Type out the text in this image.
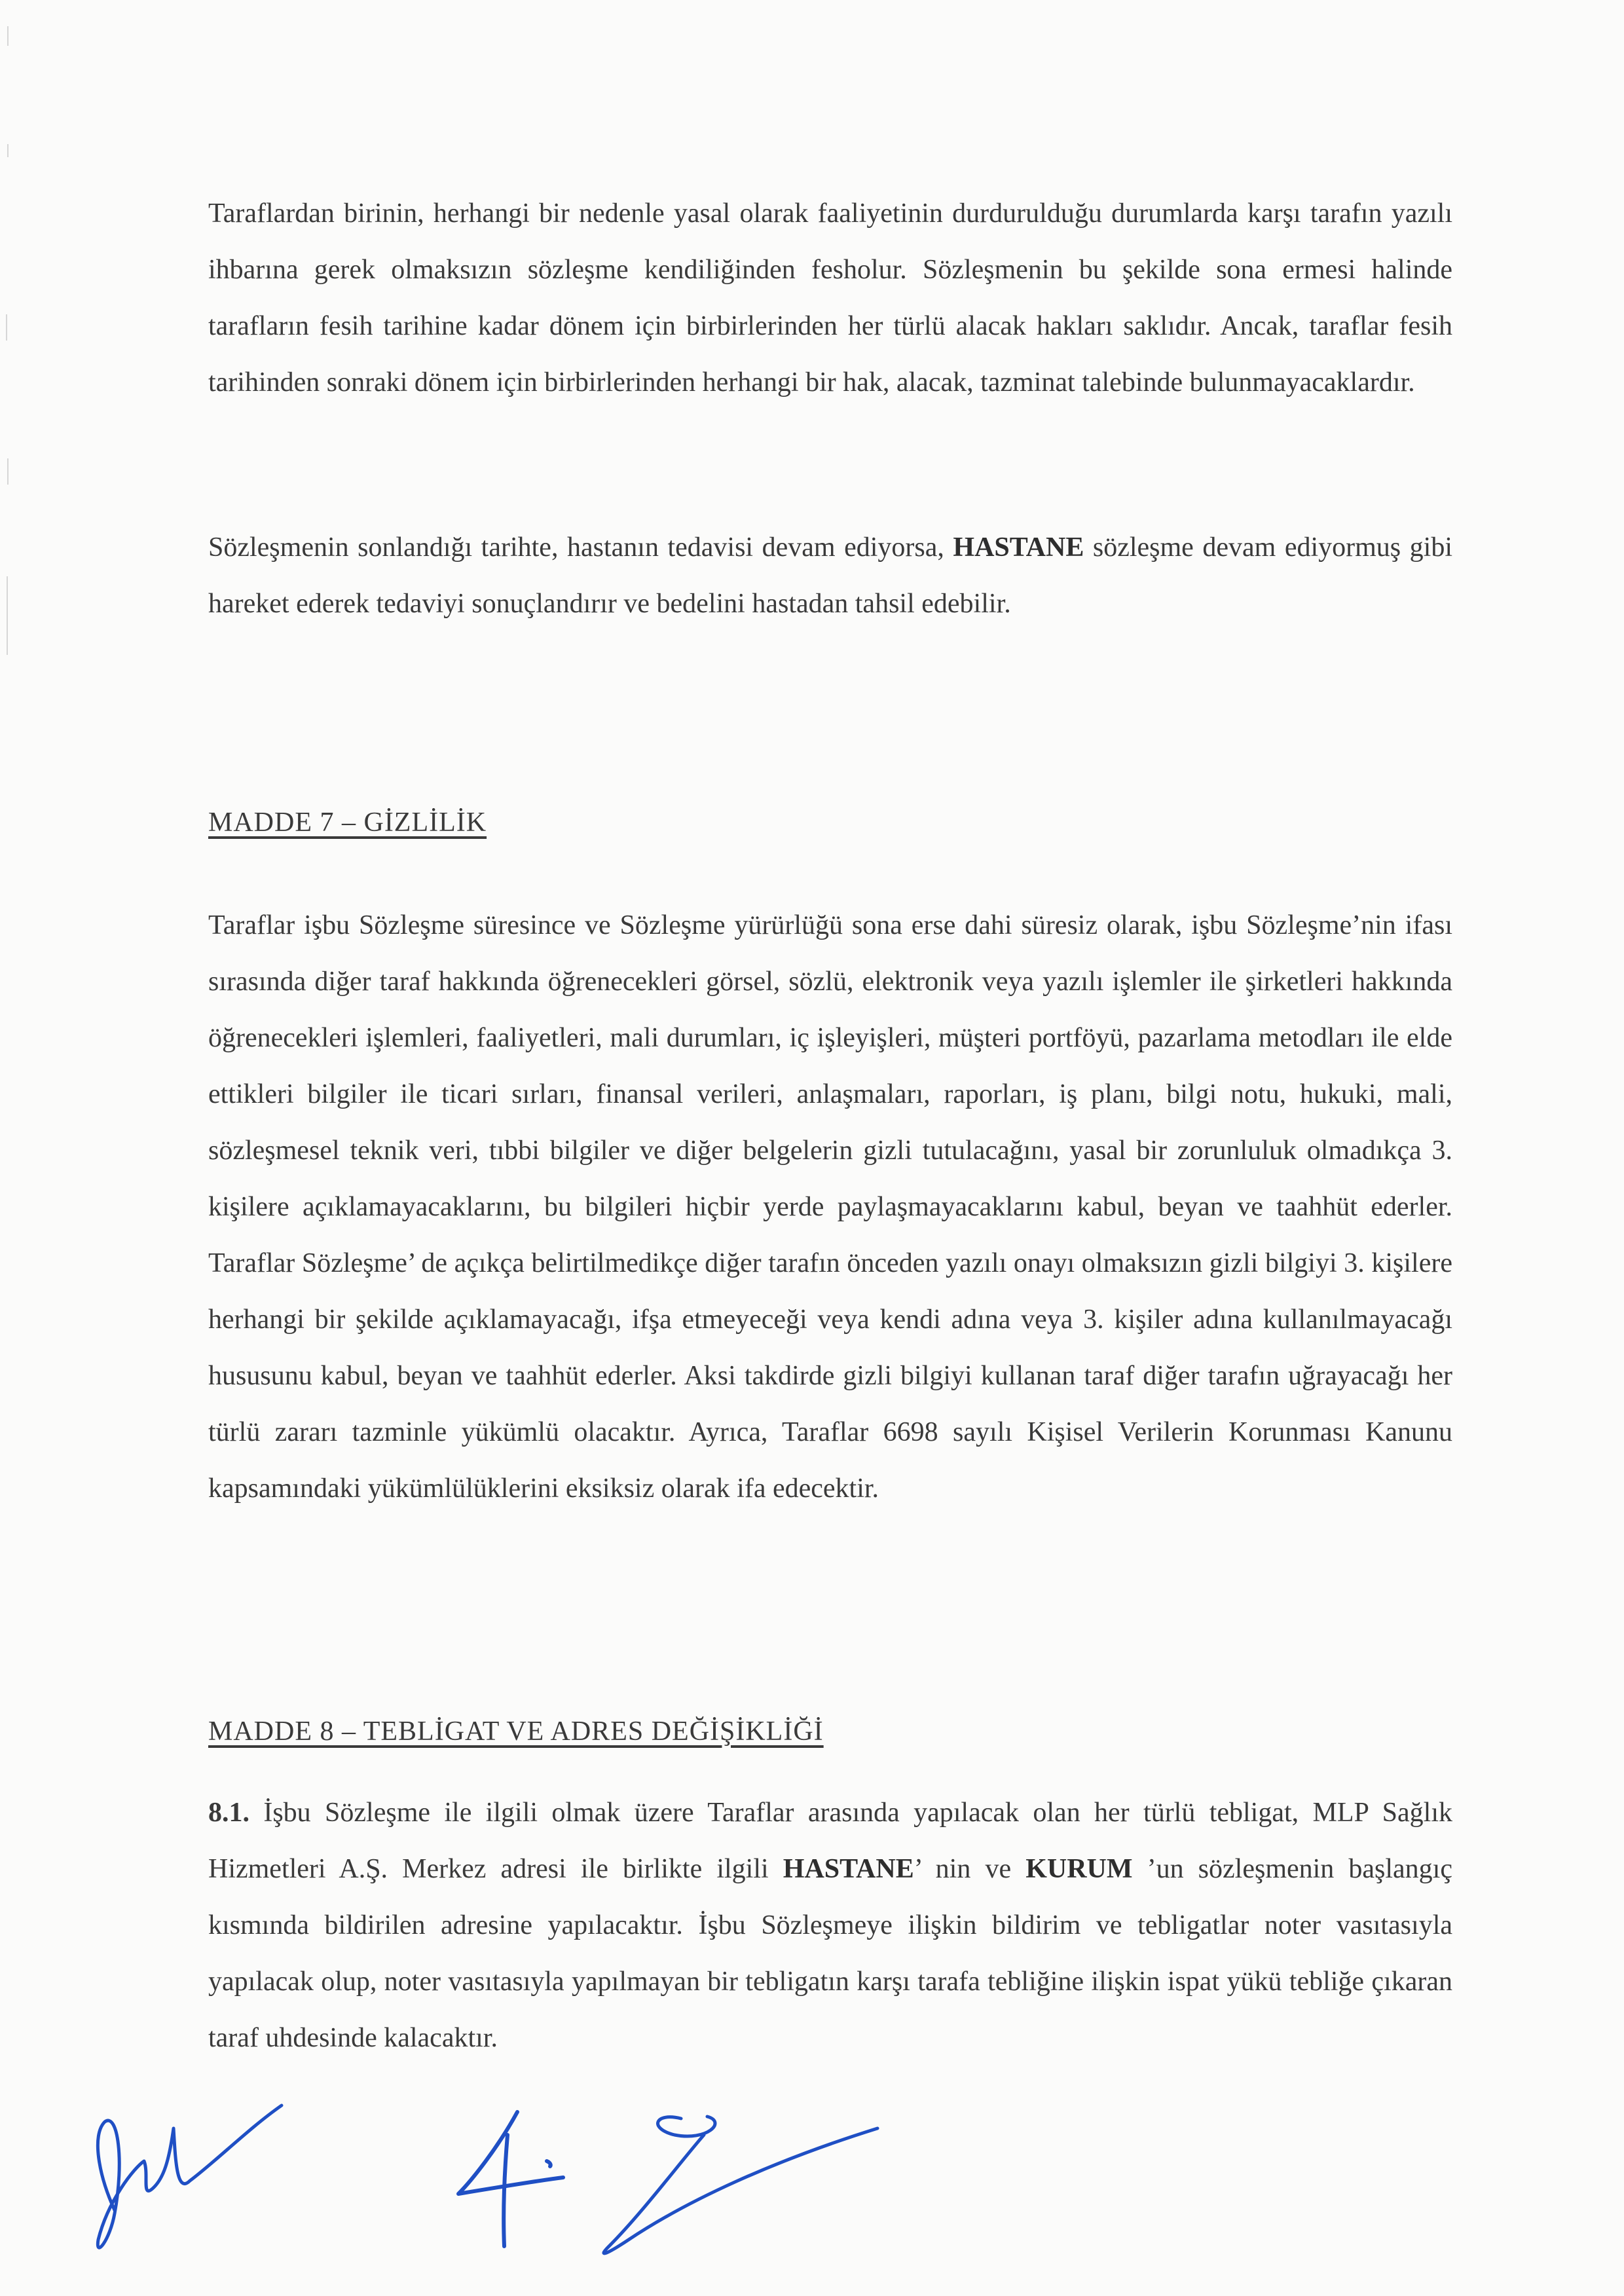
Taraflardan birinin, herhangi bir nedenle yasal olarak faaliyetinin durdurulduğu durumlarda karşı tarafın yazılı ihbarına gerek olmaksızın sözleşme kendiliğinden fesholur. Sözleşmenin bu şekilde sona ermesi halinde tarafların fesih tarihine kadar dönem için birbirlerinden her türlü alacak hakları saklıdır. Ancak, taraflar fesih tarihinden sonraki dönem için birbirlerinden herhangi bir hak, alacak, tazminat talebinde bulunmayacaklardır.

Sözleşmenin sonlandığı tarihte, hastanın tedavisi devam ediyorsa, HASTANE sözleşme devam ediyormuş gibi hareket ederek tedaviyi sonuçlandırır ve bedelini hastadan tahsil edebilir.

MADDE 7 – GİZLİLİK

Taraflar işbu Sözleşme süresince ve Sözleşme yürürlüğü sona erse dahi süresiz olarak, işbu Sözleşme’nin ifası sırasında diğer taraf hakkında öğrenecekleri görsel, sözlü, elektronik veya yazılı işlemler ile şirketleri hakkında öğrenecekleri işlemleri, faaliyetleri, mali durumları, iç işleyişleri, müşteri portföyü, pazarlama metodları ile elde ettikleri bilgiler ile ticari sırları, finansal verileri, anlaşmaları, raporları, iş planı, bilgi notu, hukuki, mali, sözleşmesel teknik veri, tıbbi bilgiler ve diğer belgelerin gizli tutulacağını, yasal bir zorunluluk olmadıkça 3. kişilere açıklamayacaklarını, bu bilgileri hiçbir yerde paylaşmayacaklarını kabul, beyan ve taahhüt ederler. Taraflar Sözleşme’ de açıkça belirtilmedikçe diğer tarafın önceden yazılı onayı olmaksızın gizli bilgiyi 3. kişilere herhangi bir şekilde açıklamayacağı, ifşa etmeyeceği veya kendi adına veya 3. kişiler adına kullanılmayacağı hususunu kabul, beyan ve taahhüt ederler. Aksi takdirde gizli bilgiyi kullanan taraf diğer tarafın uğrayacağı her türlü zararı tazminle yükümlü olacaktır. Ayrıca, Taraflar 6698 sayılı Kişisel Verilerin Korunması Kanunu kapsamındaki yükümlülüklerini eksiksiz olarak ifa edecektir.

MADDE 8 – TEBLİGAT VE ADRES DEĞİŞİKLİĞİ

8.1. İşbu Sözleşme ile ilgili olmak üzere Taraflar arasında yapılacak olan her türlü tebligat, MLP Sağlık Hizmetleri A.Ş. Merkez adresi ile birlikte ilgili HASTANE’ nin ve KURUM ’un sözleşmenin başlangıç kısmında bildirilen adresine yapılacaktır. İşbu Sözleşmeye ilişkin bildirim ve tebligatlar noter vasıtasıyla yapılacak olup, noter vasıtasıyla yapılmayan bir tebligatın karşı tarafa tebliğine ilişkin ispat yükü tebliğe çıkaran taraf uhdesinde kalacaktır.
